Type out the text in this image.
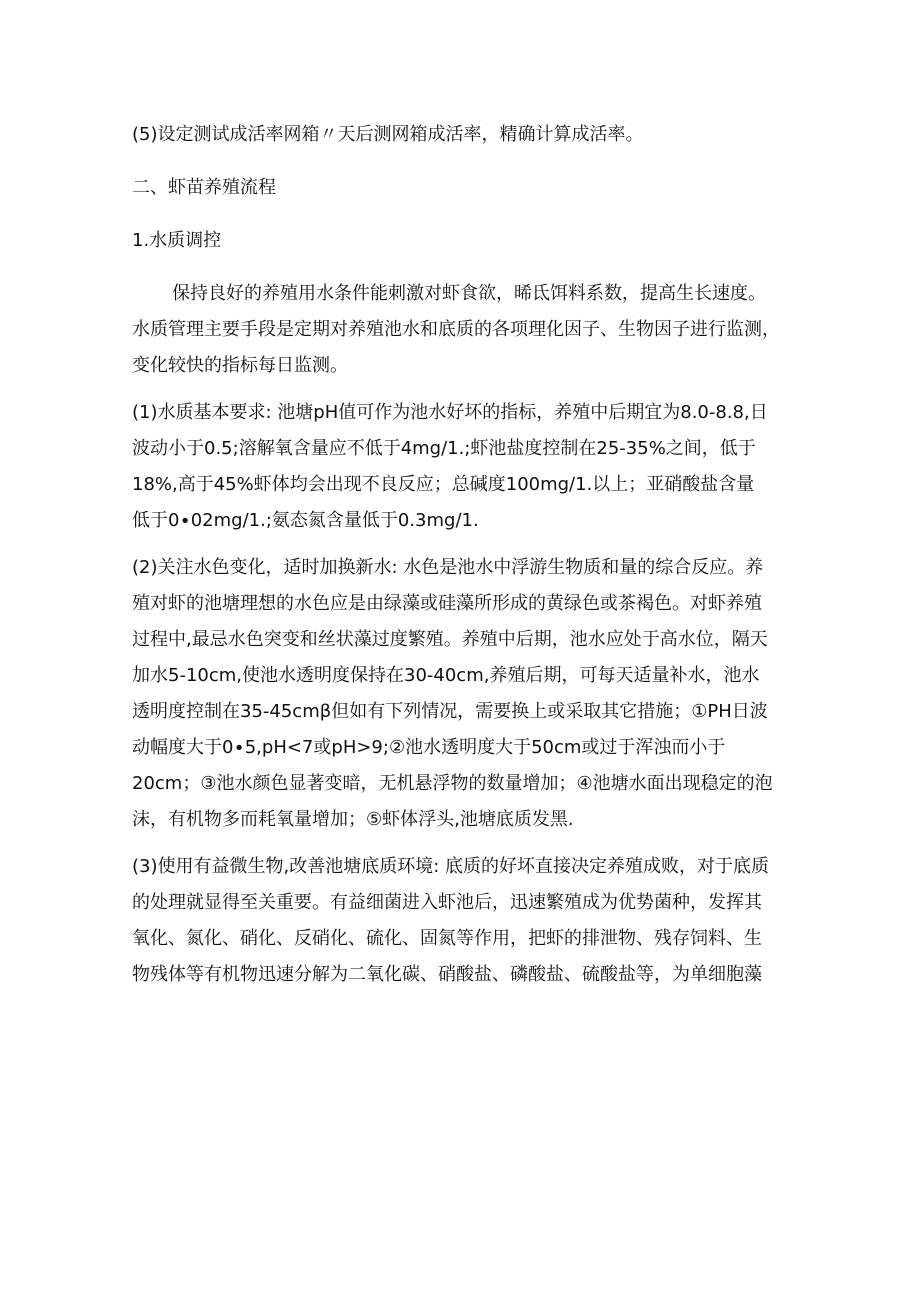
(5)设定测试成活率网箱〃天后测网箱成活率，精确计算成活率。

二、虾苗养殖流程

1.水质调控

保持良好的养殖用水条件能刺激对虾食欲，晞氐饵料系数，提高生长速度。

水质管理主要手段是定期对养殖池水和底质的各项理化因子、生物因子进行监测，

变化较快的指标每日监测。

(1)水质基本要求: 池塘pH值可作为池水好坏的指标，养殖中后期宜为8.0-8.8,日

波动小于0.5;溶解氧含量应不低于4mg∕1.;虾池盐度控制在25-35%之间，低于

18%,高于45%虾体均会出现不良反应；总碱度100mg∕1.以上；亚硝酸盐含量

低于0∙02mg∕1.;氨态氮含量低于0.3mg∕1.

(2)关注水色变化，适时加换新水: 水色是池水中浮游生物质和量的综合反应。养

殖对虾的池塘理想的水色应是由绿藻或硅藻所形成的黄绿色或茶褐色。对虾养殖

过程中,最忌水色突变和丝状藻过度繁殖。养殖中后期，池水应处于高水位，隔天

加水5-10cm,使池水透明度保持在30-40cm,养殖后期，可每天适量补水，池水

透明度控制在35-45cmβ但如有下列情况，需要换上或采取其它措施；①PH日波

动幅度大于0∙5,pH<7或pH>9;②池水透明度大于50cm或过于浑浊而小于

20cm；③池水颜色显著变暗，无机悬浮物的数量增加；④池塘水面出现稳定的泡

沫，有机物多而耗氧量增加；⑤虾体浮头,池塘底质发黑.

(3)使用有益微生物,改善池塘底质环境: 底质的好坏直接决定养殖成败，对于底质

的处理就显得至关重要。有益细菌进入虾池后，迅速繁殖成为优势菌种，发挥其

氧化、氮化、硝化、反硝化、硫化、固氮等作用，把虾的排泄物、残存饲料、生

物残体等有机物迅速分解为二氧化碳、硝酸盐、磷酸盐、硫酸盐等，为单细胞藻
